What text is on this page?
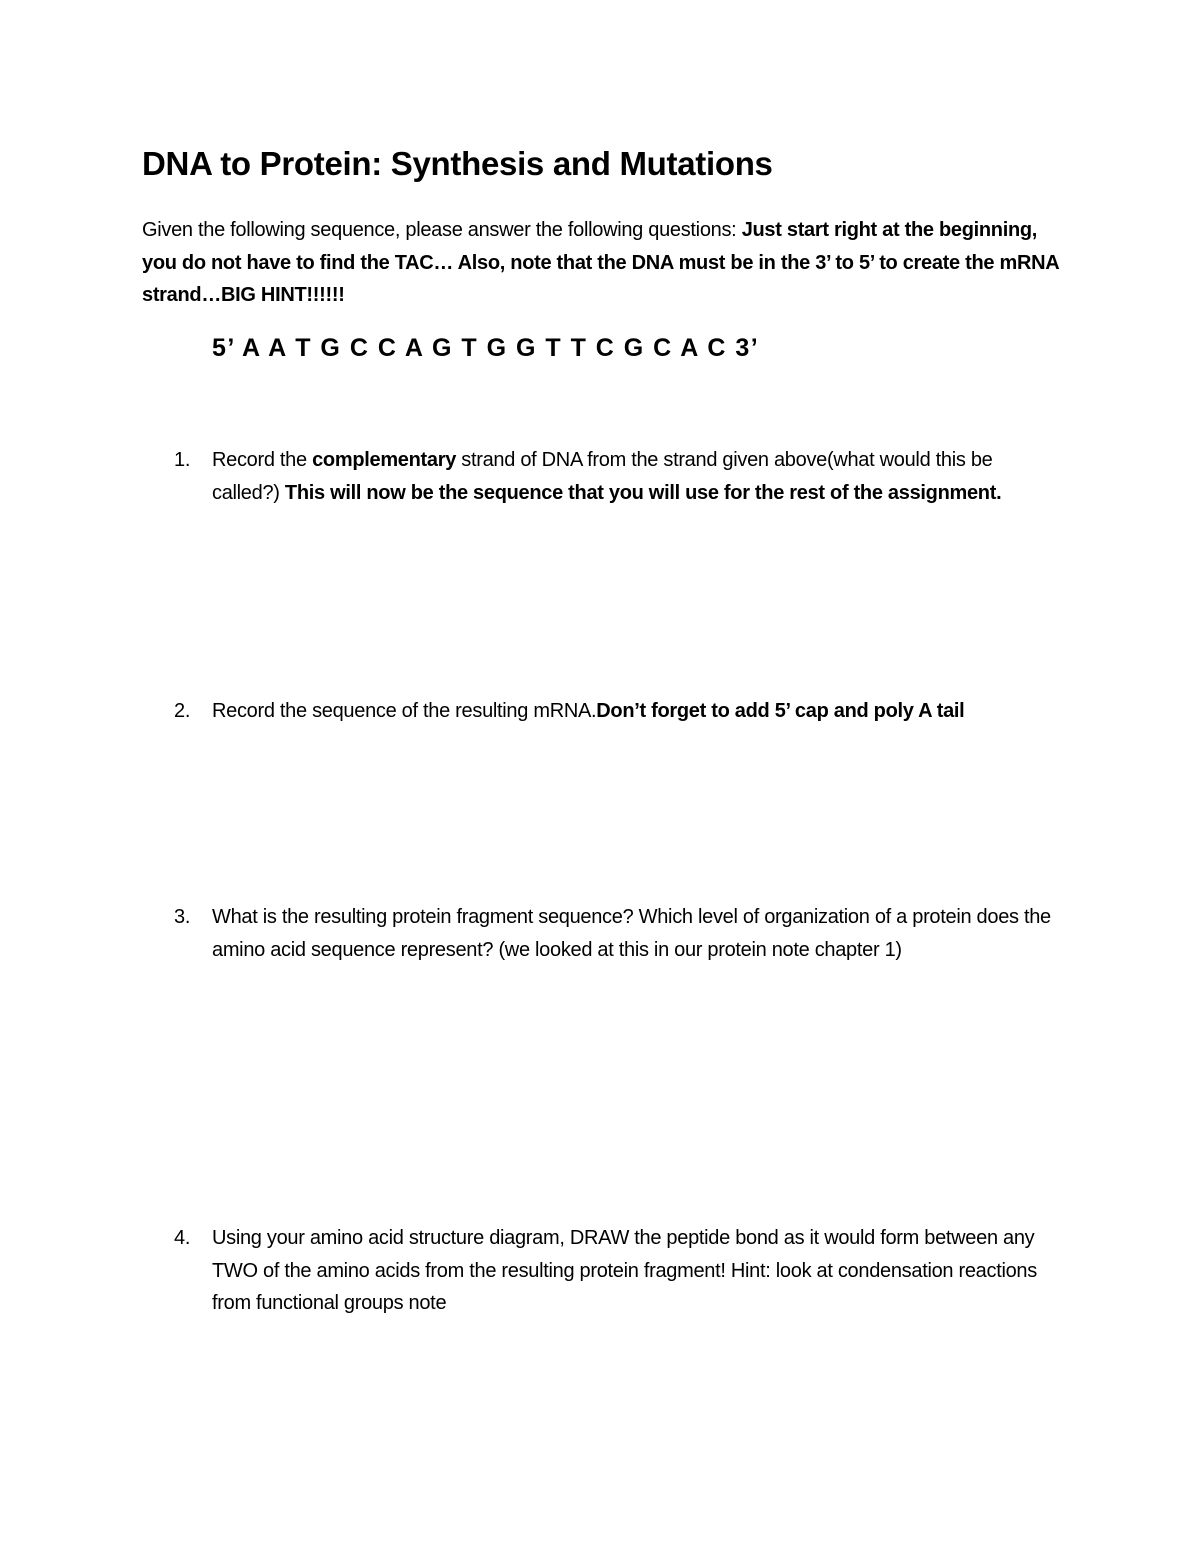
DNA to Protein: Synthesis and Mutations
Given the following sequence, please answer the following questions: Just start right at the beginning, you do not have to find the TAC… Also, note that the DNA must be in the 3’ to 5’ to create the mRNA strand…BIG HINT!!!!!!
5’ A A T G C C A G T G G T T C G C A C 3’
1. Record the complementary strand of DNA from the strand given above(what would this be called?) This will now be the sequence that you will use for the rest of the assignment.
2. Record the sequence of the resulting mRNA.Don’t forget to add 5’ cap and poly A tail
3. What is the resulting protein fragment sequence? Which level of organization of a protein does the amino acid sequence represent? (we looked at this in our protein note chapter 1)
4. Using your amino acid structure diagram, DRAW the peptide bond as it would form between any TWO of the amino acids from the resulting protein fragment! Hint: look at condensation reactions from functional groups note
